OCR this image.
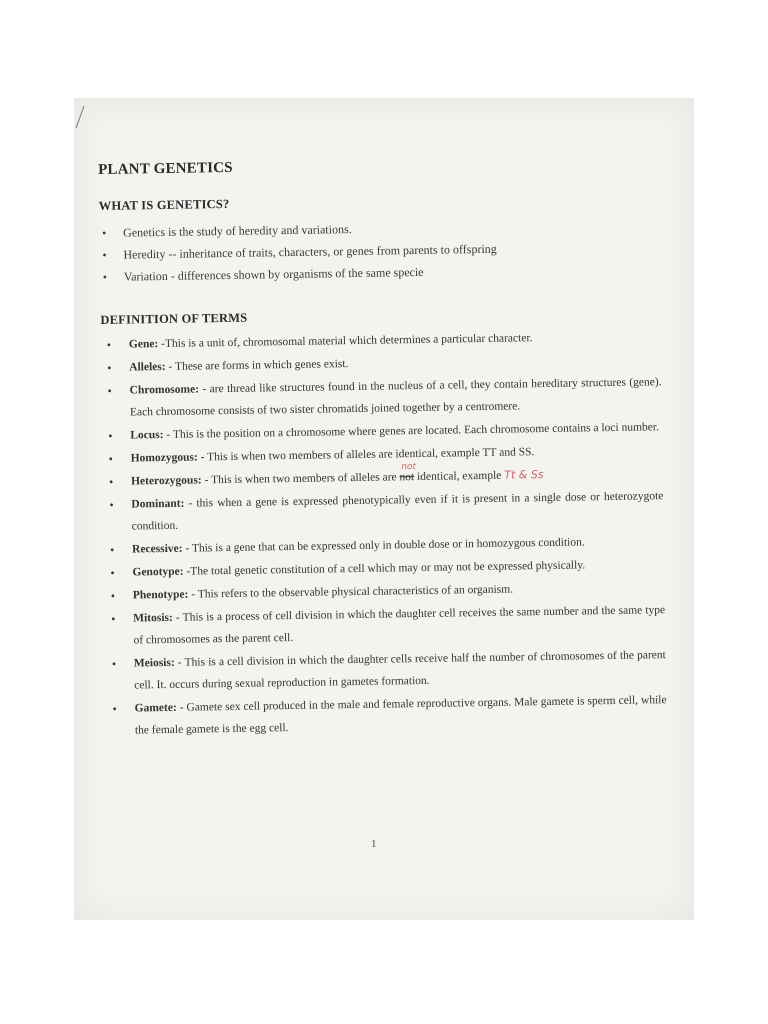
PLANT GENETICS
WHAT IS GENETICS?
• Genetics is the study of heredity and variations.
• Heredity -- inheritance of traits, characters, or genes from parents to offspring
• Variation - differences shown by organisms of the same specie
DEFINITION OF TERMS
• Gene: -This is a unit of, chromosomal material which determines a particular character.
• Alleles: - These are forms in which genes exist.
• Chromosome: - are thread like structures found in the nucleus of a cell, they contain hereditary structures (gene). Each chromosome consists of two sister chromatids joined together by a centromere.
• Locus: - This is the position on a chromosome where genes are located. Each chromosome contains a loci number.
• Homozygous: - This is when two members of alleles are identical, example TT and SS.
• Heterozygous: - This is when two members of alleles are
not
not identical, example Tt & Ss
• Dominant: - this when a gene is expressed phenotypically even if it is present in a single dose or heterozygote condition.
• Recessive: - This is a gene that can be expressed only in double dose or in homozygous condition.
• Genotype: -The total genetic constitution of a cell which may or may not be expressed physically.
• Phenotype: - This refers to the observable physical characteristics of an organism.
• Mitosis: - This is a process of cell division in which the daughter cell receives the same number and the same type of chromosomes as the parent cell.
• Meiosis: - This is a cell division in which the daughter cells receive half the number of chromosomes of the parent cell. It. occurs during sexual reproduction in gametes formation.
• Gamete: - Gamete sex cell produced in the male and female reproductive organs. Male gamete is sperm cell, while the female gamete is the egg cell.
1
